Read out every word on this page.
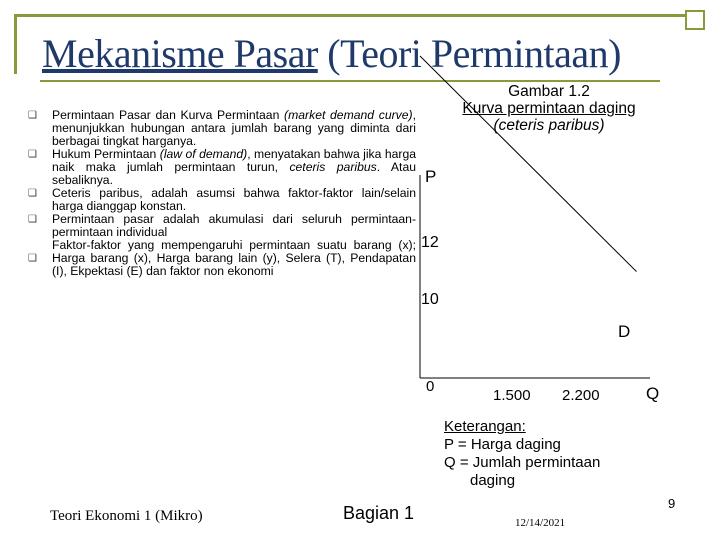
Mekanisme Pasar (Teori Permintaan)
❑
❑
❑
❑
❑

Permintaan Pasar dan Kurva Permintaan (market demand curve), menunjukkan hubungan antara jumlah barang yang diminta dari berbagai tingkat harganya.

Hukum Permintaan (law of demand), menyatakan bahwa jika harga naik maka jumlah permintaan turun, ceteris paribus. Atau sebaliknya.

Ceteris paribus, adalah asumsi bahwa faktor-faktor lain/selain harga dianggap konstan.

Permintaan pasar adalah akumulasi dari seluruh permintaan-permintaan individual

Faktor-faktor yang mempengaruhi permintaan suatu barang (x); Harga barang (x), Harga barang lain (y), Selera (T), Pendapatan (I), Ekpektasi (E) dan faktor non ekonomi

Gambar 1.2
Kurva permintaan daging
(ceteris paribus)
P
12
10
D
0
1.500 2.200	Q
Keterangan:
P = Harga daging
Q = Jumlah permintaan
daging
Teori Ekonomi 1 (Mikro)	Bagian 1	12/14/2021
9
